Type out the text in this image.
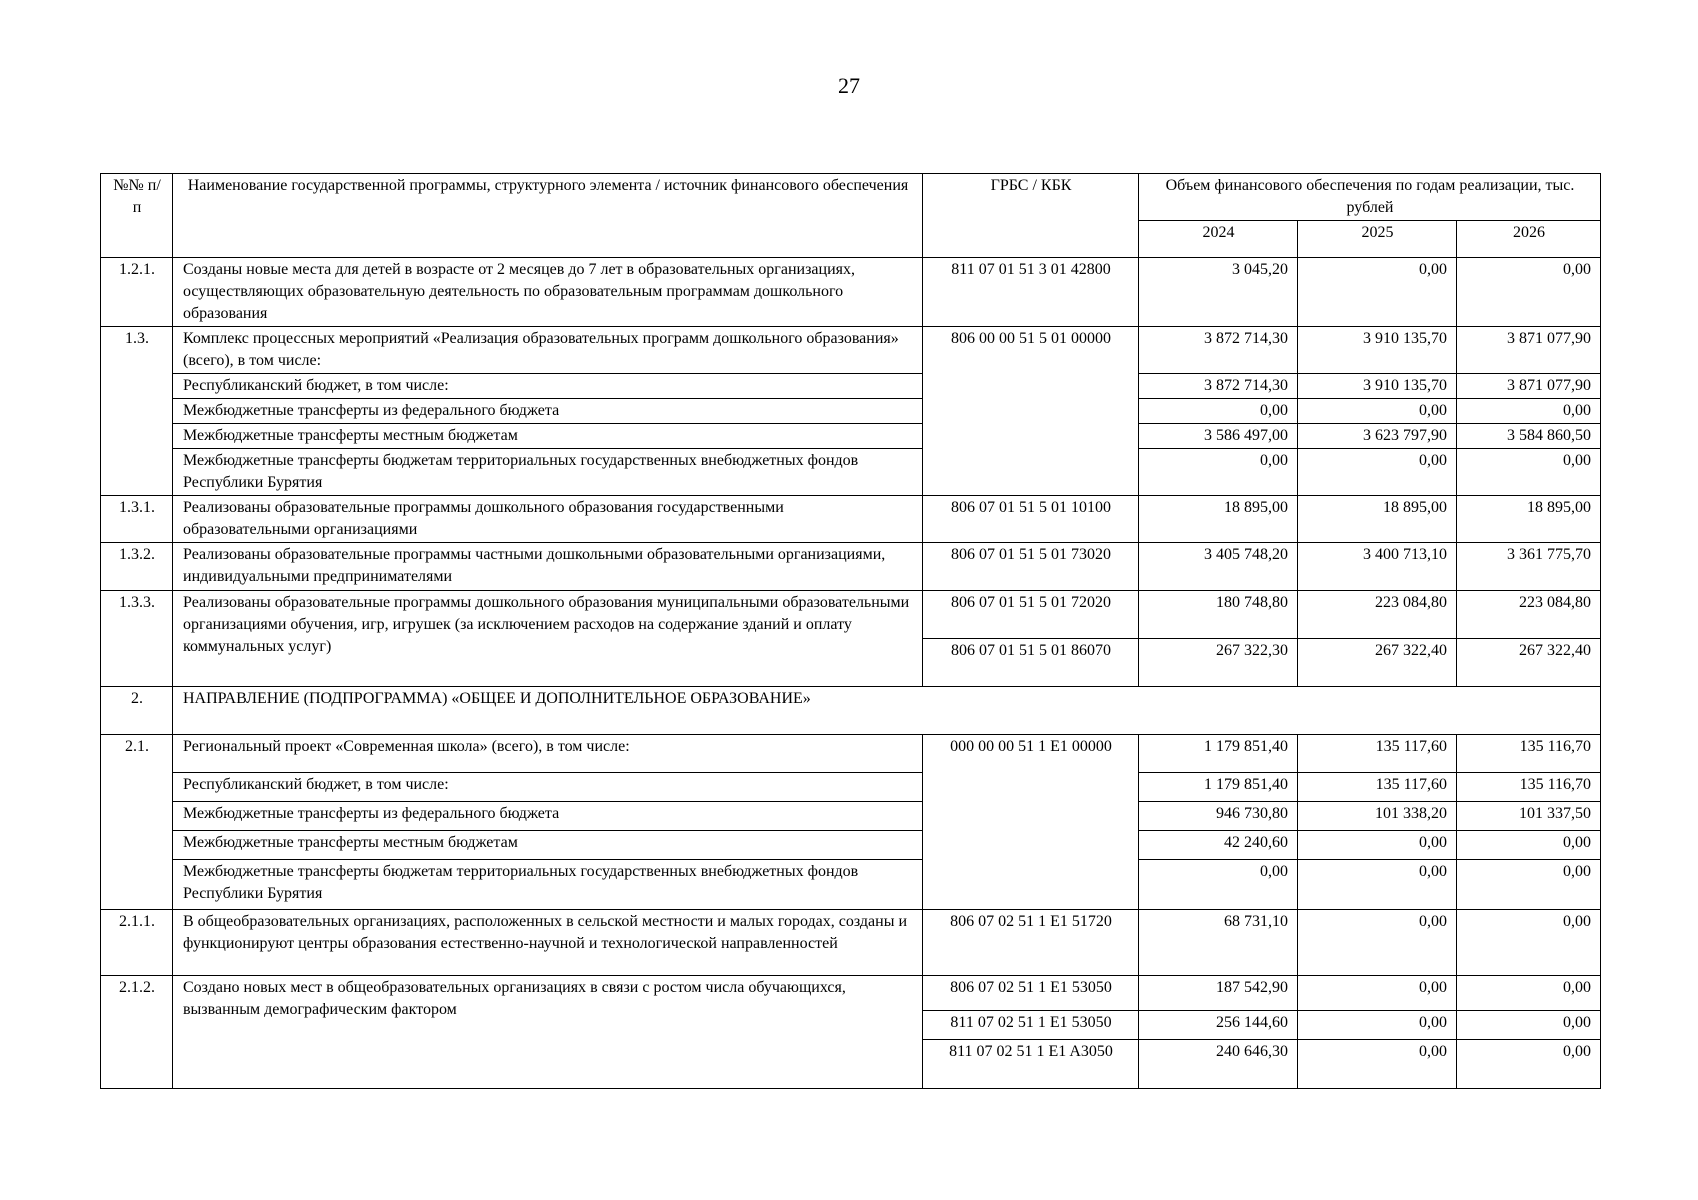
27
№№ п/п	Наименование государственной программы, структурного элемента / источник финансового обеспечения	ГРБС / КБК	Объем финансового обеспечения по годам реализации, тыс. рублей		
			2024	2025	2026
1.2.1.	Созданы новые места для детей в возрасте от 2 месяцев до 7 лет в образовательных организациях, осуществляющих образовательную деятельность по образовательным программам дошкольного образования	811 07 01 51 3 01 42800	3 045,20	0,00	0,00
1.3.	Комплекс процессных мероприятий «Реализация образовательных программ дошкольного образования» (всего), в том числе:	806 00 00 51 5 01 00000	3 872 714,30	3 910 135,70	3 871 077,90
	Республиканский бюджет, в том числе:		3 872 714,30	3 910 135,70	3 871 077,90
	Межбюджетные трансферты из федерального бюджета		0,00	0,00	0,00
	Межбюджетные трансферты местным бюджетам		3 586 497,00	3 623 797,90	3 584 860,50
	Межбюджетные трансферты бюджетам территориальных государственных внебюджетных фондов Республики Бурятия		0,00	0,00	0,00
1.3.1.	Реализованы образовательные программы дошкольного образования государственными образовательными организациями	806 07 01 51 5 01 10100	18 895,00	18 895,00	18 895,00
1.3.2.	Реализованы образовательные программы частными дошкольными образовательными организациями, индивидуальными предпринимателями	806 07 01 51 5 01 73020	3 405 748,20	3 400 713,10	3 361 775,70
1.3.3.	Реализованы образовательные программы дошкольного образования муниципальными образовательными организациями обучения, игр, игрушек (за исключением расходов на содержание зданий и оплату коммунальных услуг)	806 07 01 51 5 01 72020	180 748,80	223 084,80	223 084,80
		806 07 01 51 5 01 86070	267 322,30	267 322,40	267 322,40
2.	НАПРАВЛЕНИЕ (ПОДПРОГРАММА) «ОБЩЕЕ И ДОПОЛНИТЕЛЬНОЕ ОБРАЗОВАНИЕ»				
2.1.	Региональный проект «Современная школа» (всего), в том числе:	000 00 00 51 1 E1 00000	1 179 851,40	135 117,60	135 116,70
	Республиканский бюджет, в том числе:		1 179 851,40	135 117,60	135 116,70
	Межбюджетные трансферты из федерального бюджета		946 730,80	101 338,20	101 337,50
	Межбюджетные трансферты местным бюджетам		42 240,60	0,00	0,00
	Межбюджетные трансферты бюджетам территориальных государственных внебюджетных фондов Республики Бурятия		0,00	0,00	0,00
2.1.1.	В общеобразовательных организациях, расположенных в сельской местности и малых городах, созданы и функционируют центры образования естественно-научной и технологической направленностей	806 07 02 51 1 E1 51720	68 731,10	0,00	0,00
2.1.2.	Создано новых мест в общеобразовательных организациях в связи с ростом числа обучающихся, вызванным демографическим фактором	806 07 02 51 1 E1 53050	187 542,90	0,00	0,00
		811 07 02 51 1 E1 53050	256 144,60	0,00	0,00
		811 07 02 51 1 E1 A3050	240 646,30	0,00	0,00
